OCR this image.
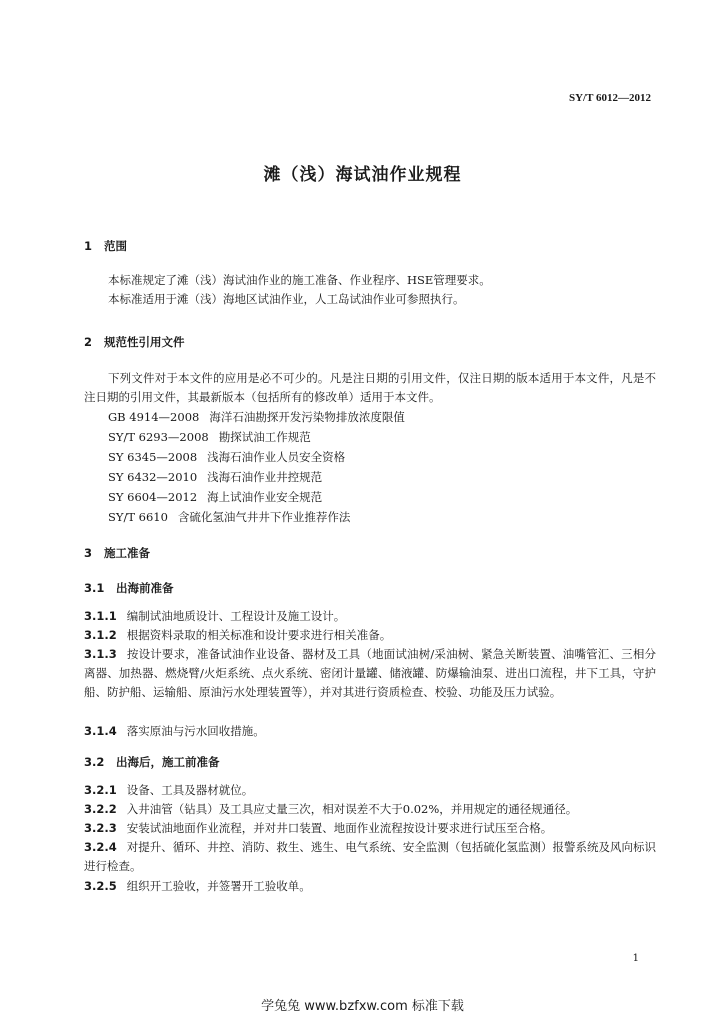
SY/T 6012—2012
滩（浅）海试油作业规程
1 范围
本标准规定了滩（浅）海试油作业的施工准备、作业程序、HSE管理要求。
本标准适用于滩（浅）海地区试油作业，人工岛试油作业可参照执行。
2 规范性引用文件
下列文件对于本文件的应用是必不可少的。凡是注日期的引用文件，仅注日期的版本适用于本文件，凡是不注日期的引用文件，其最新版本（包括所有的修改单）适用于本文件。
GB 4914—2008 海洋石油勘探开发污染物排放浓度限值
SY/T 6293—2008 勘探试油工作规范
SY 6345—2008 浅海石油作业人员安全资格
SY 6432—2010 浅海石油作业井控规范
SY 6604—2012 海上试油作业安全规范
SY/T 6610 含硫化氢油气井井下作业推荐作法
3 施工准备
3.1 出海前准备
3.1.1 编制试油地质设计、工程设计及施工设计。
3.1.2 根据资料录取的相关标准和设计要求进行相关准备。
3.1.3 按设计要求，准备试油作业设备、器材及工具（地面试油树/采油树、紧急关断装置、油嘴管汇、三相分离器、加热器、燃烧臂/火炬系统、点火系统、密闭计量罐、储液罐、防爆输油泵、进出口流程，井下工具，守护船、防护船、运输船、原油污水处理装置等），并对其进行资质检查、校验、功能及压力试验。
3.1.4 落实原油与污水回收措施。
3.2 出海后，施工前准备
3.2.1 设备、工具及器材就位。
3.2.2 入井油管（钻具）及工具应丈量三次，相对误差不大于0.02%，并用规定的通径规通径。
3.2.3 安装试油地面作业流程，并对井口装置、地面作业流程按设计要求进行试压至合格。
3.2.4 对提升、循环、井控、消防、救生、逃生、电气系统、安全监测（包括硫化氢监测）报警系统及风向标识进行检查。
3.2.5 组织开工验收，并签署开工验收单。
1
学兔兔 www.bzfxw.com 标准下载
